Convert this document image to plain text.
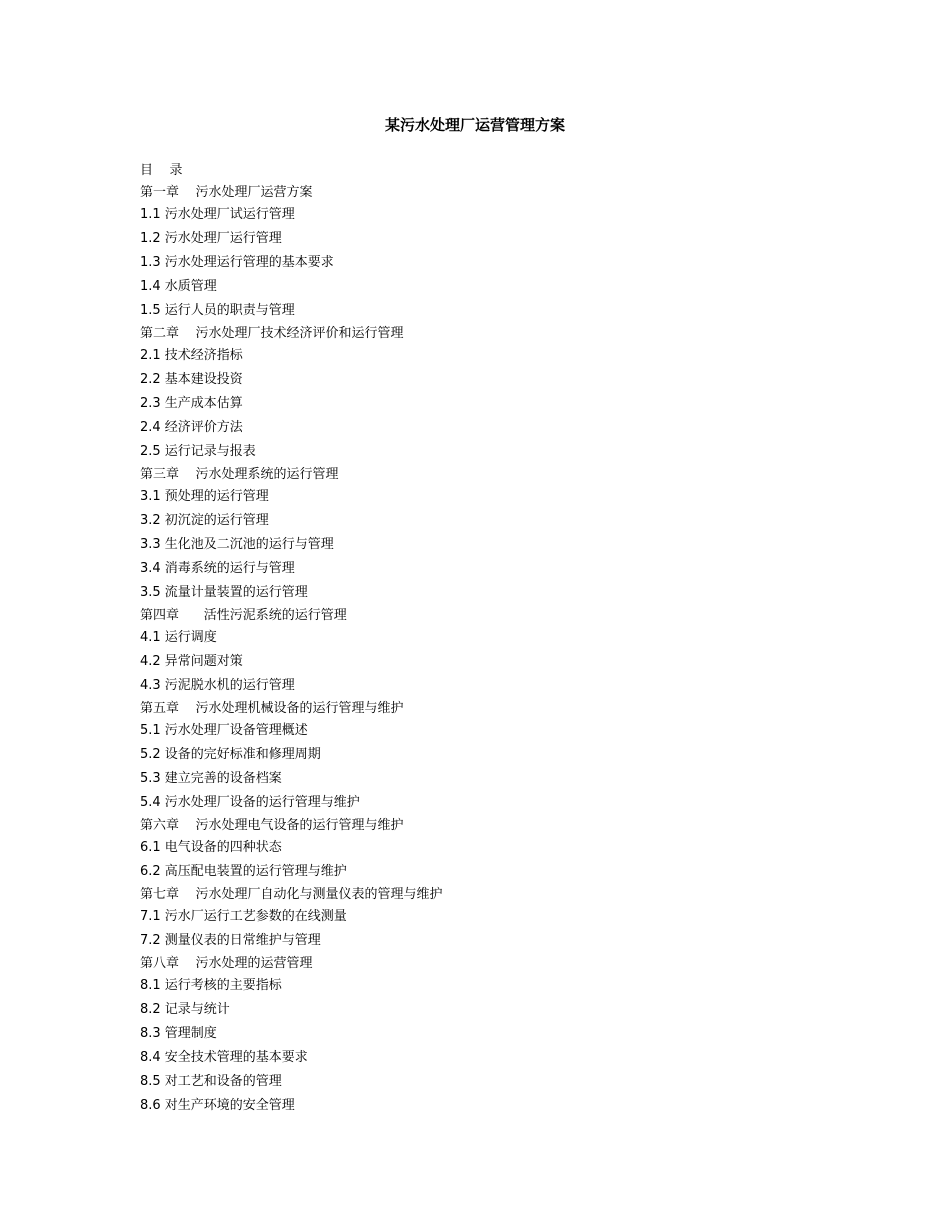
某污水处理厂运营管理方案
目    录
第一章    污水处理厂运营方案
1.1 污水处理厂试运行管理
1.2 污水处理厂运行管理
1.3 污水处理运行管理的基本要求
1.4 水质管理
1.5 运行人员的职责与管理
第二章    污水处理厂技术经济评价和运行管理
2.1 技术经济指标
2.2 基本建设投资
2.3 生产成本估算
2.4 经济评价方法
2.5 运行记录与报表
第三章    污水处理系统的运行管理
3.1 预处理的运行管理
3.2 初沉淀的运行管理
3.3 生化池及二沉池的运行与管理
3.4 消毒系统的运行与管理
3.5 流量计量装置的运行管理
第四章      活性污泥系统的运行管理
4.1 运行调度
4.2 异常问题对策
4.3 污泥脱水机的运行管理
第五章    污水处理机械设备的运行管理与维护
5.1 污水处理厂设备管理概述
5.2 设备的完好标准和修理周期
5.3 建立完善的设备档案
5.4 污水处理厂设备的运行管理与维护
第六章    污水处理电气设备的运行管理与维护
6.1 电气设备的四种状态
6.2 高压配电装置的运行管理与维护
第七章    污水处理厂自动化与测量仪表的管理与维护
7.1 污水厂运行工艺参数的在线测量
7.2 测量仪表的日常维护与管理
第八章    污水处理的运营管理
8.1 运行考核的主要指标
8.2 记录与统计
8.3 管理制度
8.4 安全技术管理的基本要求
8.5 对工艺和设备的管理
8.6 对生产环境的安全管理
